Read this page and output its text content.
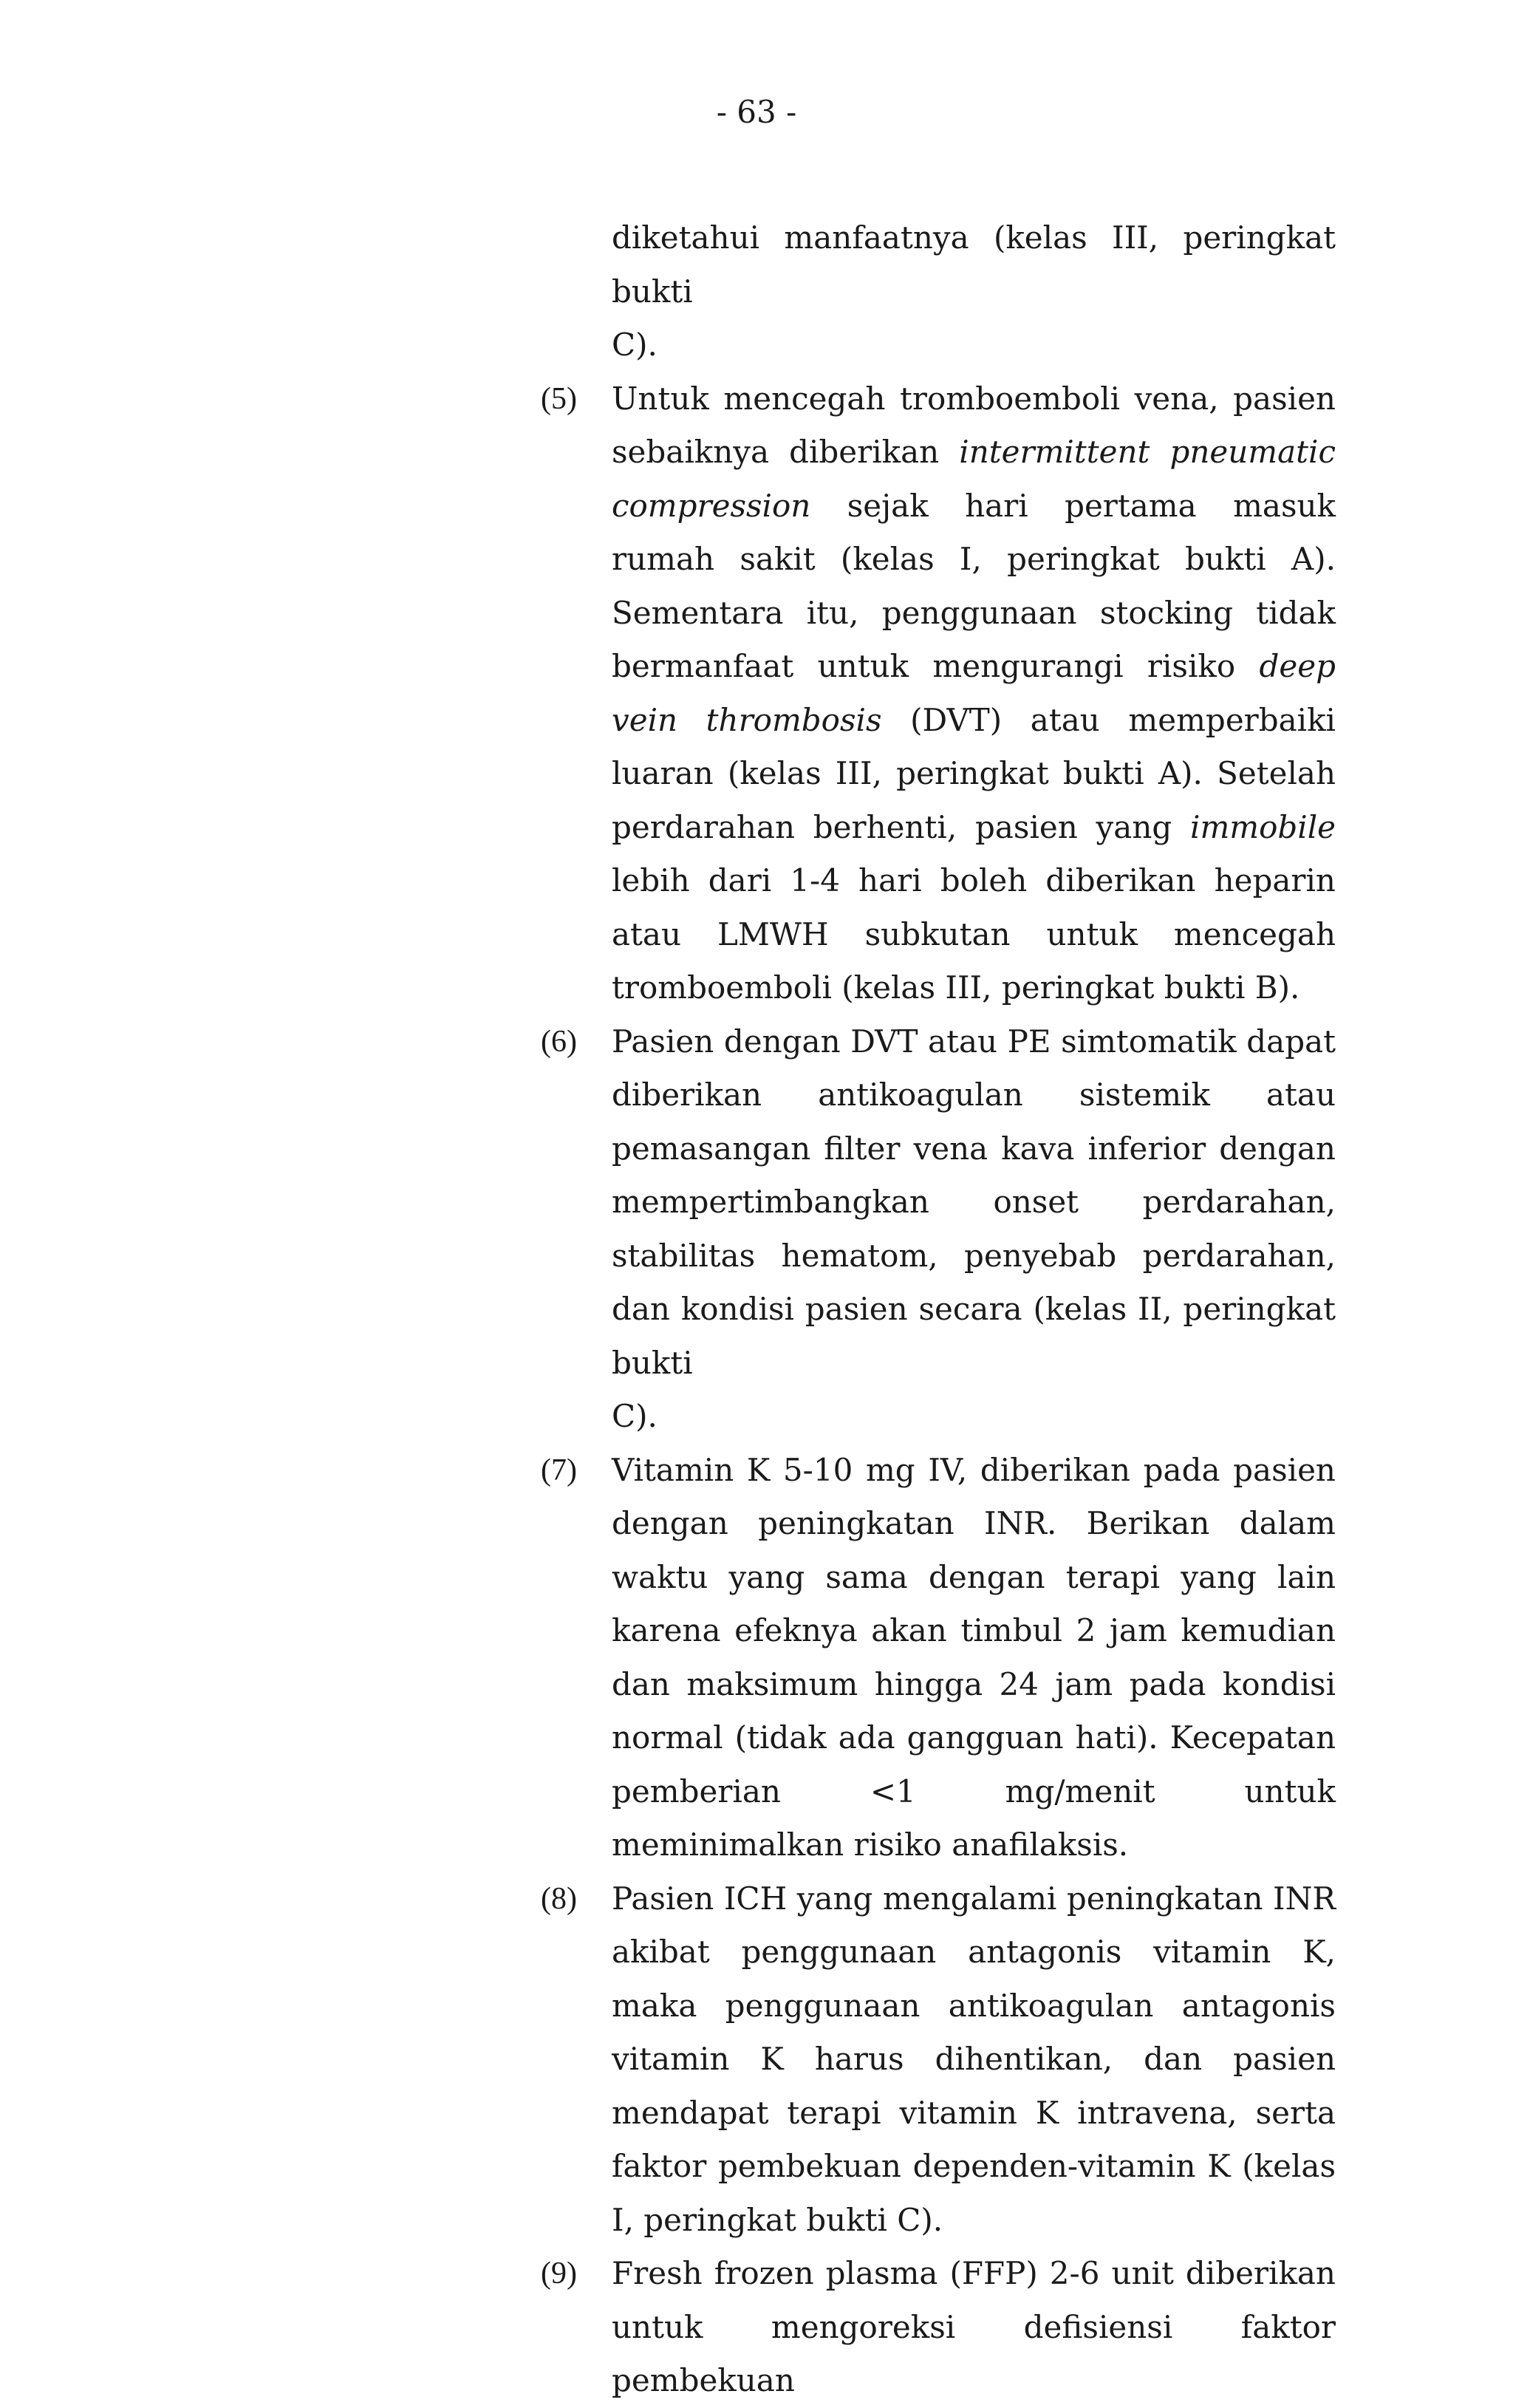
- 63 -
diketahui manfaatnya (kelas III, peringkat bukti
C).
(5) Untuk mencegah tromboemboli vena, pasien sebaiknya diberikan intermittent pneumatic compression sejak hari pertama masuk rumah sakit (kelas I, peringkat bukti A). Sementara itu, penggunaan stocking tidak bermanfaat untuk mengurangi risiko deep vein thrombosis (DVT) atau memperbaiki luaran (kelas III, peringkat bukti A). Setelah perdarahan berhenti, pasien yang immobile lebih dari 1-4 hari boleh diberikan heparin atau LMWH subkutan untuk mencegah tromboemboli (kelas III, peringkat bukti B).
(6) Pasien dengan DVT atau PE simtomatik dapat diberikan antikoagulan sistemik atau pemasangan filter vena kava inferior dengan mempertimbangkan onset perdarahan, stabilitas hematom, penyebab perdarahan, dan kondisi pasien secara (kelas II, peringkat bukti
C).
(7) Vitamin K 5-10 mg IV, diberikan pada pasien dengan peningkatan INR. Berikan dalam waktu yang sama dengan terapi yang lain karena efeknya akan timbul 2 jam kemudian dan maksimum hingga 24 jam pada kondisi normal (tidak ada gangguan hati). Kecepatan pemberian <1 mg/menit untuk meminimalkan risiko anafilaksis.
(8) Pasien ICH yang mengalami peningkatan INR akibat penggunaan antagonis vitamin K, maka penggunaan antikoagulan antagonis vitamin K harus dihentikan, dan pasien mendapat terapi vitamin K intravena, serta faktor pembekuan dependen-vitamin K (kelas I, peringkat bukti C).
(9) Fresh frozen plasma (FFP) 2-6 unit diberikan untuk mengoreksi defisiensi faktor pembekuan
